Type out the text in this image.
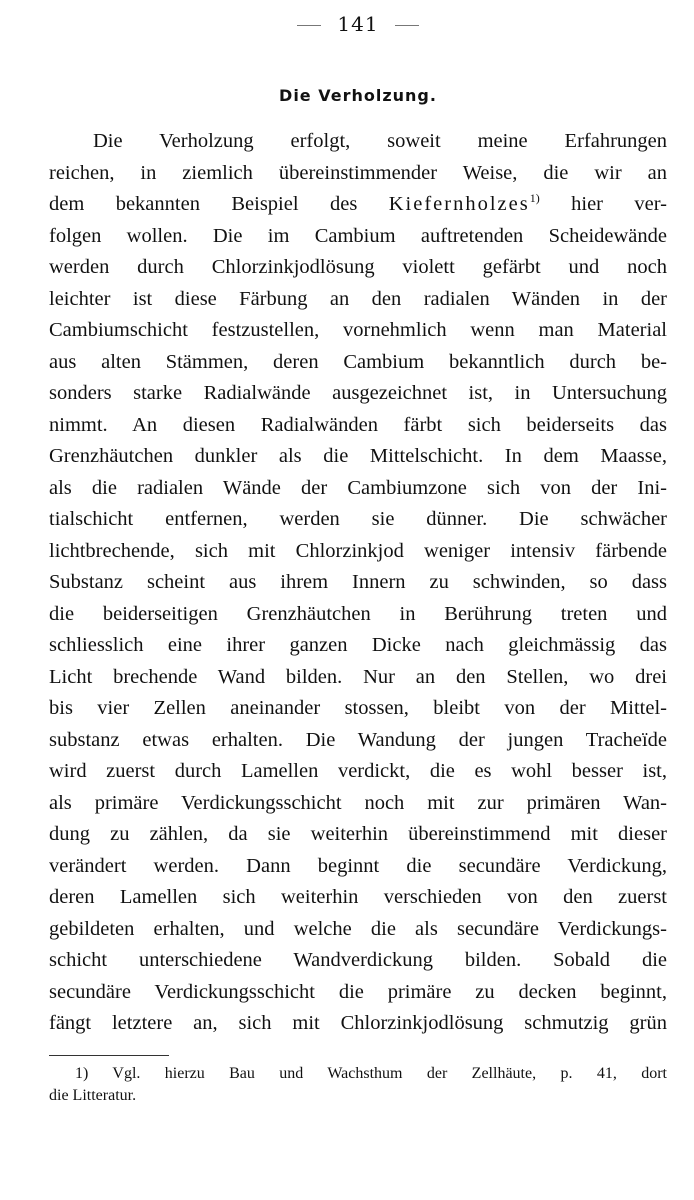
141
Die Verholzung.
Die Verholzung erfolgt, soweit meine Erfahrungen
reichen, in ziemlich übereinstimmender Weise, die wir an
dem bekannten Beispiel des Kiefernholzes$^{1)}$ hier ver-
folgen wollen. Die im Cambium auftretenden Scheidewände
werden durch Chlorzinkjodlösung violett gefärbt und noch
leichter ist diese Färbung an den radialen Wänden in der
Cambiumschicht festzustellen, vornehmlich wenn man Material
aus alten Stämmen, deren Cambium bekanntlich durch be-
sonders starke Radialwände ausgezeichnet ist, in Untersuchung
nimmt. An diesen Radialwänden färbt sich beiderseits das
Grenzhäutchen dunkler als die Mittelschicht. In dem Maasse,
als die radialen Wände der Cambiumzone sich von der Ini-
tialschicht entfernen, werden sie dünner. Die schwächer
lichtbrechende, sich mit Chlorzinkjod weniger intensiv färbende
Substanz scheint aus ihrem Innern zu schwinden, so dass
die beiderseitigen Grenzhäutchen in Berührung treten und
schliesslich eine ihrer ganzen Dicke nach gleichmässig das
Licht brechende Wand bilden. Nur an den Stellen, wo drei
bis vier Zellen aneinander stossen, bleibt von der Mittel-
substanz etwas erhalten. Die Wandung der jungen Tracheïde
wird zuerst durch Lamellen verdickt, die es wohl besser ist,
als primäre Verdickungsschicht noch mit zur primären Wan-
dung zu zählen, da sie weiterhin übereinstimmend mit dieser
verändert werden. Dann beginnt die secundäre Verdickung,
deren Lamellen sich weiterhin verschieden von den zuerst
gebildeten erhalten, und welche die als secundäre Verdickungs-
schicht unterschiedene Wandverdickung bilden. Sobald die
secundäre Verdickungsschicht die primäre zu decken beginnt,
fängt letztere an, sich mit Chlorzinkjodlösung schmutzig grün
1) Vgl. hierzu Bau und Wachsthum der Zellhäute, p. 41, dort
die Litteratur.
